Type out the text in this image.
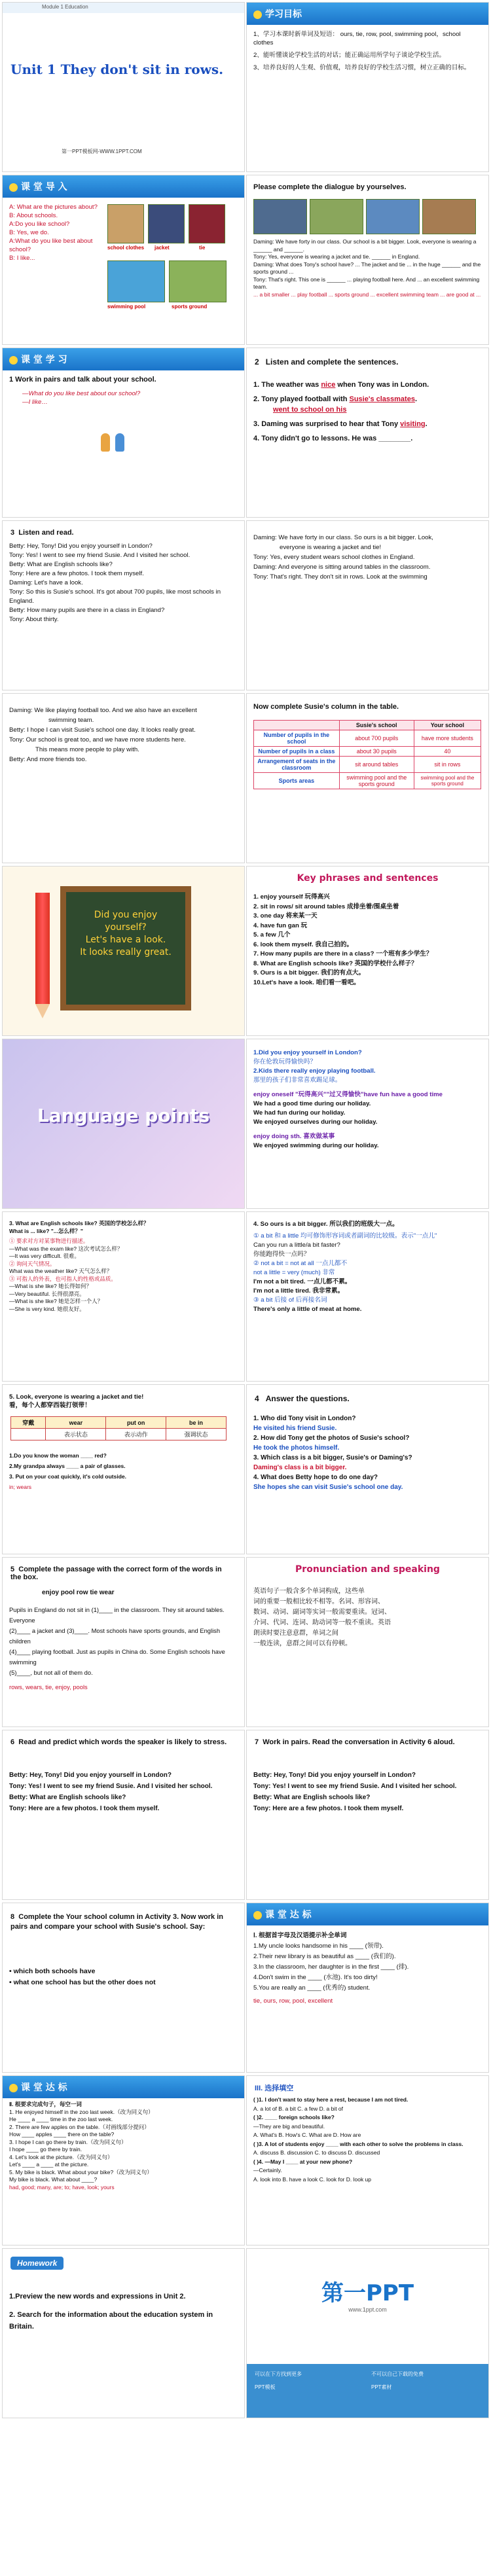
Module 1 Education
Unit 1 They don't sit in rows.
第一PPT模板网-WWW.1PPT.COM
学习目标
1、学习本课时新单词及短语： ours, tie, row, pool, swimming pool，school clothes
2、能听懂谈论学校生活的对话；能正确运用所学句子谈论学校生活。
3、培养良好的人生观、价值观，培养良好的学校生活习惯，树立正确的目标。
课 堂 导 入
A: What are the pictures about?
B: About schools.
A:Do you like school?
B: Yes, we do.
A:What do you like best about school?
B: I like...
school clothes jacket	tie
swimming pool	sports ground
Please complete the dialogue by yourselves.
Daming: We have forty in our class. Our school is a bit bigger. Look, everyone is wearing a ______ and ______.
Tony: Yes, everyone is wearing a jacket and tie. ______ in England.
Daming: What does Tony's school have? ... The jacket and tie ... in the huge ______ and the sports ground ...
Tony: That's right. This one is ______ ... playing football here. And ... an excellent swimming team.
... a bit smaller ... play football ... sports ground ... excellent swimming team ... are good at ...
课 堂 学 习
1 Work in pairs and talk about your school.
—What do you like best about our school?
—I like…
2 Listen and complete the sentences.
1. The weather was nice when Tony was in London.
2. Tony played football with Susie's classmates.
went to school on his
3. Daming was surprised to hear that Tony visiting.
4. Tony didn't go to lessons. He was ________.
3 Listen and read.
Betty: Hey, Tony! Did you enjoy yourself in London?
Tony: Yes! I went to see my friend Susie. And I visited her school.
Betty: What are English schools like?
Tony: Here are a few photos. I took them myself.
Daming: Let's have a look.
Tony: So this is Susie's school. It's got about 700 pupils, like most schools in England.
Betty: How many pupils are there in a class in England?
Tony: About thirty.
Daming: We have forty in our class. So ours is a bit bigger. Look,
everyone is wearing a jacket and tie!
Tony: Yes, every student wears school clothes in England.
Daming: And everyone is sitting around tables in the classroom.
Tony: That's right. They don't sit in rows. Look at the swimming
Daming: We like playing football too. And we also have an excellent
swimming team.
Betty: I hope I can visit Susie's school one day. It looks really great.
Tony: Our school is great too, and we have more students here.
This means more people to play with.
Betty: And more friends too.
Now complete Susie's column in the table.
	Susie's school	Your school
Number of pupils in the school	about 700 pupils	have more students
Number of pupils in a class	about 30 pupils	40
Arrangement of seats in the classroom	sit around tables	sit in rows
Sports areas	swimming pool and the sports ground	swimming pool and the sports ground
Did you enjoy
yourself?
Let's have a look.
It looks really great.
Key phrases and sentences
1. enjoy yourself 玩得高兴
2. sit in rows/ sit around tables 成排坐着/围桌坐着
3. one day 将来某一天
4. have fun gan 玩
5. a few 几个
6. look them myself. 我自己拍的。
7. How many pupils are there in a class? 一个班有多少学生？
8. What are English schools like? 英国的学校什么样子？
9. Ours is a bit bigger. 我们的有点大。
10.Let's have a look. 咱们看一看吧。
Language points
1.Did you enjoy yourself in London?
你在伦敦玩得愉快吗？
2.Kids there really enjoy playing football.
那里的孩子们非常喜欢踢足球。
enjoy oneself "玩得高兴""过又得愉快"have fun have a good time
We had a good time during our holiday.
We had fun during our holiday.
We enjoyed ourselves during our holiday.
enjoy doing sth. 喜欢做某事
We enjoyed swimming during our holiday.
3. What are English schools like? 英国的学校怎么样？
What is ... like? "...怎么样？"
① 要求对方对某事物进行描述。
—What was the exam like? 这次考试怎么样？
—It was very difficult. 很难。
② 询问天气情况。
What was the weather like? 天气怎么样？
③ 可指人的外表，也可指人的性格或品质。
—What is she like? 她长得如何？
—Very beautiful. 长得很漂亮。
—What is she like? 她是怎样一个人？
—She is very kind. 她很友好。
4. So ours is a bit bigger. 所以我们的班级大一点。
① a bit 和 a little 均可修饰形容词或者副词的比较级。表示"一点儿"
Can you run a little/a bit faster?
你能跑得快一点吗？
② not a bit = not at all 一点儿都不
not a little = very (much) 非常
I'm not a bit tired. 一点儿都不累。
I'm not a little tired. 我非常累。
③ a bit 后接 of 后再接名词
There's only a little of meat at home.
5. Look, everyone is wearing a jacket and tie!
看，每个人都穿西装打领带！
穿戴	wear	put on	be in
	表示状态	表示动作	强调状态
1.Do you know the woman ____ red?
2.My grandpa always ____ a pair of glasses.
3. Put on your coat quickly, it's cold outside.
in; wears
4 Answer the questions.
1. Who did Tony visit in London?
He visited his friend Susie.
2. How did Tony get the photos of Susie's school?
He took the photos himself.
3. Which class is a bit bigger, Susie's or Daming's?
Daming's class is a bit bigger.
4. What does Betty hope to do one day?
She hopes she can visit Susie's school one day.
5 Complete the passage with the correct form of the words in the box.
enjoy pool row tie wear
Pupils in England do not sit in (1)____ in the classroom. They sit around tables. Everyone
(2)____ a jacket and (3)____. Most schools have sports grounds, and English children
(4)____ playing football. Just as pupils in China do. Some English schools have swimming
(5)____, but not all of them do.
rows, wears, tie, enjoy, pools
Pronunciation and speaking
英语句子一般含多个单词构成，这些单
词的重要一般相比较不相等。名词、形容词、
数词、动词、副词等实词一般需要重读。冠词、
介词、代词、连词、助动词等一般不重读。英语
朗读时要注意意群，单词之间
一般连读，意群之间可以有停顿。
6 Read and predict which words the speaker is likely to stress.
Betty: Hey, Tony! Did you enjoy yourself in London?
Tony: Yes! I went to see my friend Susie. And I visited her school.
Betty: What are English schools like?
Tony: Here are a few photos. I took them myself.
7 Work in pairs. Read the conversation in Activity 6 aloud.
Betty: Hey, Tony! Did you enjoy yourself in London?
Tony: Yes! I went to see my friend Susie. And I visited her school.
Betty: What are English schools like?
Tony: Here are a few photos. I took them myself.
8 Complete the Your school column in Activity 3. Now work in pairs and compare your school with Susie's school. Say:
• which both schools have
• what one school has but the other does not
课 堂 达 标
Ⅰ. 根据首字母及汉语提示补全单词
1.My uncle looks handsome in his ____ (领带).
2.Their new library is as beautiful as ____ (我们的).
3.In the classroom, her daughter is in the first ____ (排).
4.Don't swim in the ____ (水池). It's too dirty!
5.You are really an ____ (优秀的) student.
tie, ours, row, pool, excellent
课 堂 达 标
Ⅱ. 根要求完成句子，每空一词
1. He enjoyed himself in the zoo last week.（改为同义句）
He ____ a ____ time in the zoo last week.
2. There are few apples on the table.（对画线部分提问）
How ____ apples ____ there on the table?
3. I hope I can go there by train.（改为同义句）
I hope ____ go there by train.
4. Let's look at the picture.（改为同义句）
Let's ____ a ____ at the picture.
5. My bike is black. What about your bike?（改为同义句）
My bike is black. What about ____?
had, good; many, are; to; have, look; yours
III. 选择填空
( )1. I don't want to stay here a rest, because I am not tired.
A. a lot of B. a bit C. a few D. a bit of
( )2. ____ foreign schools like?
—They are big and beautiful.
A. What's B. How's C. What are D. How are
( )3. A lot of students enjoy ____ with each other to solve the problems in class.
A. discuss B. discussion C. to discuss D. discussed
( )4. —May I ____ at your new phone?
—Certainly.
A. look into B. have a look C. look for D. look up
Homework
1.Preview the new words and expressions in Unit 2.
2. Search for the information about the education system in Britain.
第一PPT
www.1ppt.com
可以在下方找到更多	不可以自己下载的免费
PPT模板	PPT素材
